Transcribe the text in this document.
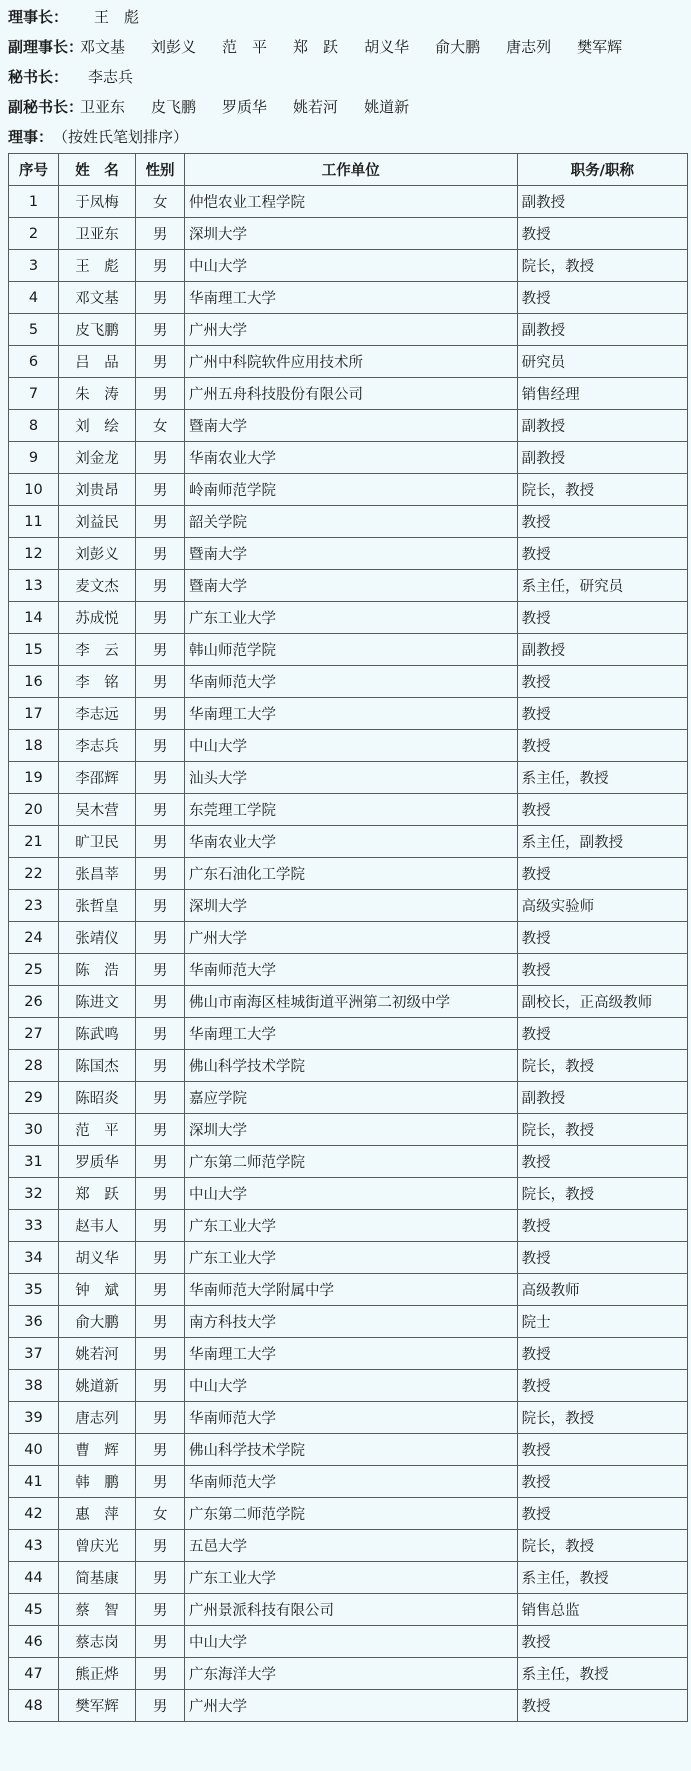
理事长： 王　彪
副理事长：邓文基 刘彭义 范　平 郑　跃 胡义华 俞大鹏 唐志列 樊军辉
秘书长： 李志兵
副秘书长：卫亚东 皮飞鹏 罗质华 姚若河 姚道新
理事：（按姓氏笔划排序）
序号	姓　名	性别	工作单位	职务/职称
1	于凤梅	女	仲恺农业工程学院	副教授
2	卫亚东	男	深圳大学	教授
3	王　彪	男	中山大学	院长，教授
4	邓文基	男	华南理工大学	教授
5	皮飞鹏	男	广州大学	副教授
6	吕　品	男	广州中科院软件应用技术所	研究员
7	朱　涛	男	广州五舟科技股份有限公司	销售经理
8	刘　绘	女	暨南大学	副教授
9	刘金龙	男	华南农业大学	副教授
10	刘贵昂	男	岭南师范学院	院长，教授
11	刘益民	男	韶关学院	教授
12	刘彭义	男	暨南大学	教授
13	麦文杰	男	暨南大学	系主任，研究员
14	苏成悦	男	广东工业大学	教授
15	李　云	男	韩山师范学院	副教授
16	李　铭	男	华南师范大学	教授
17	李志远	男	华南理工大学	教授
18	李志兵	男	中山大学	教授
19	李邵辉	男	汕头大学	系主任，教授
20	吴木营	男	东莞理工学院	教授
21	旷卫民	男	华南农业大学	系主任，副教授
22	张昌莘	男	广东石油化工学院	教授
23	张哲皇	男	深圳大学	高级实验师
24	张靖仪	男	广州大学	教授
25	陈　浩	男	华南师范大学	教授
26	陈进文	男	佛山市南海区桂城街道平洲第二初级中学	副校长，正高级教师
27	陈武鸣	男	华南理工大学	教授
28	陈国杰	男	佛山科学技术学院	院长，教授
29	陈昭炎	男	嘉应学院	副教授
30	范　平	男	深圳大学	院长，教授
31	罗质华	男	广东第二师范学院	教授
32	郑　跃	男	中山大学	院长，教授
33	赵韦人	男	广东工业大学	教授
34	胡义华	男	广东工业大学	教授
35	钟　斌	男	华南师范大学附属中学	高级教师
36	俞大鹏	男	南方科技大学	院士
37	姚若河	男	华南理工大学	教授
38	姚道新	男	中山大学	教授
39	唐志列	男	华南师范大学	院长，教授
40	曹　辉	男	佛山科学技术学院	教授
41	韩　鹏	男	华南师范大学	教授
42	惠　萍	女	广东第二师范学院	教授
43	曾庆光	男	五邑大学	院长，教授
44	简基康	男	广东工业大学	系主任，教授
45	蔡　智	男	广州景派科技有限公司	销售总监
46	蔡志岗	男	中山大学	教授
47	熊正烨	男	广东海洋大学	系主任，教授
48	樊军辉	男	广州大学	教授
